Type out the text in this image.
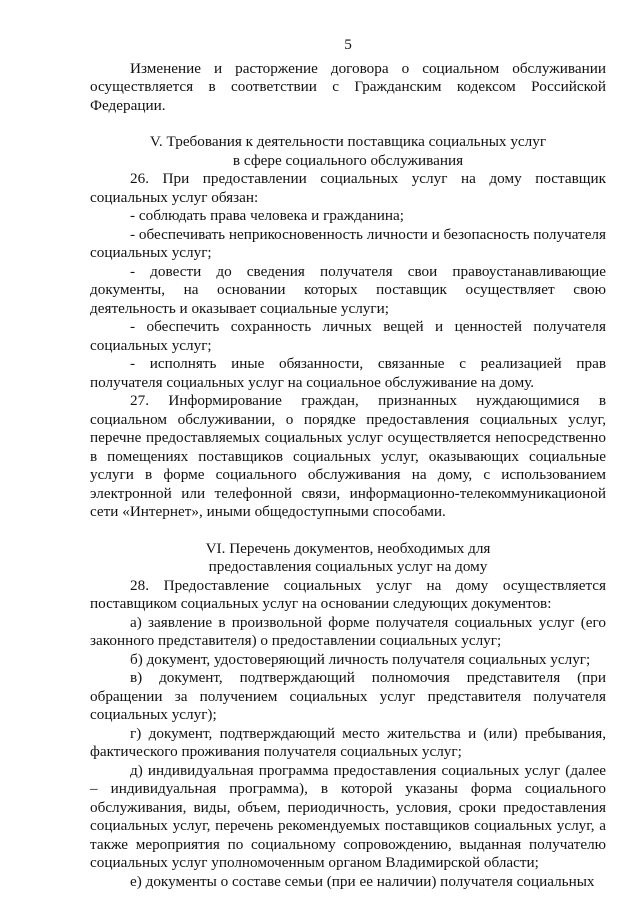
5

Изменение и расторжение договора о социальном обслуживании осуществляется в соответствии с Гражданским кодексом Российской Федерации.

V. Требования к деятельности поставщика социальных услуг
в сфере социального обслуживания

26. При предоставлении социальных услуг на дому поставщик социальных услуг обязан:

- соблюдать права человека и гражданина;

- обеспечивать неприкосновенность личности и безопасность получателя социальных услуг;

- довести до сведения получателя свои правоустанавливающие документы, на основании которых поставщик осуществляет свою деятельность и оказывает социальные услуги;

- обеспечить сохранность личных вещей и ценностей получателя социальных услуг;

- исполнять иные обязанности, связанные с реализацией прав получателя социальных услуг на социальное обслуживание на дому.

27. Информирование граждан, признанных нуждающимися в социальном обслуживании, о порядке предоставления социальных услуг, перечне предоставляемых социальных услуг осуществляется непосредственно в помещениях поставщиков социальных услуг, оказывающих социальные услуги в форме социального обслуживания на дому, с использованием электронной или телефонной связи, информационно-телекоммуникационой сети «Интернет», иными общедоступными способами.

VI. Перечень документов, необходимых для
предоставления социальных услуг на дому

28. Предоставление социальных услуг на дому осуществляется поставщиком социальных услуг на основании следующих документов:

а) заявление в произвольной форме получателя социальных услуг (его законного представителя) о предоставлении социальных услуг;

б) документ, удостоверяющий личность получателя социальных услуг;

в) документ, подтверждающий полномочия представителя (при обращении за получением социальных услуг представителя получателя социальных услуг);

г) документ, подтверждающий место жительства и (или) пребывания, фактического проживания получателя социальных услуг;

д) индивидуальная программа предоставления социальных услуг (далее – индивидуальная программа), в которой указаны форма социального обслуживания, виды, объем, периодичность, условия, сроки предоставления социальных услуг, перечень рекомендуемых поставщиков социальных услуг, а также мероприятия по социальному сопровождению, выданная получателю социальных услуг уполномоченным органом Владимирской области;

е) документы о составе семьи (при ее наличии) получателя социальных
